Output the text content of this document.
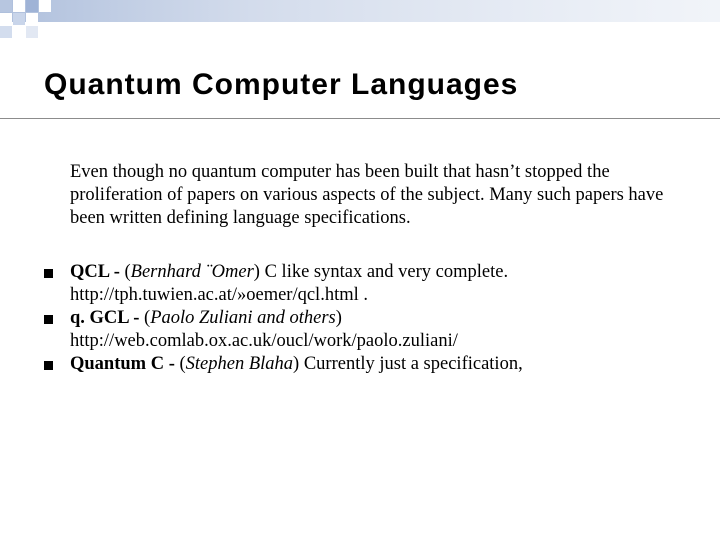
Quantum Computer Languages

Even though no quantum computer has been built that hasn’t stopped the proliferation of papers on various aspects of the subject. Many such papers have been written defining language specifications.

QCL - (Bernhard ¨Omer) C like syntax and very complete.
http://tph.tuwien.ac.at/»oemer/qcl.html .
q. GCL - (Paolo Zuliani and others)
http://web.comlab.ox.ac.uk/oucl/work/paolo.zuliani/
Quantum C - (Stephen Blaha) Currently just a specification,
